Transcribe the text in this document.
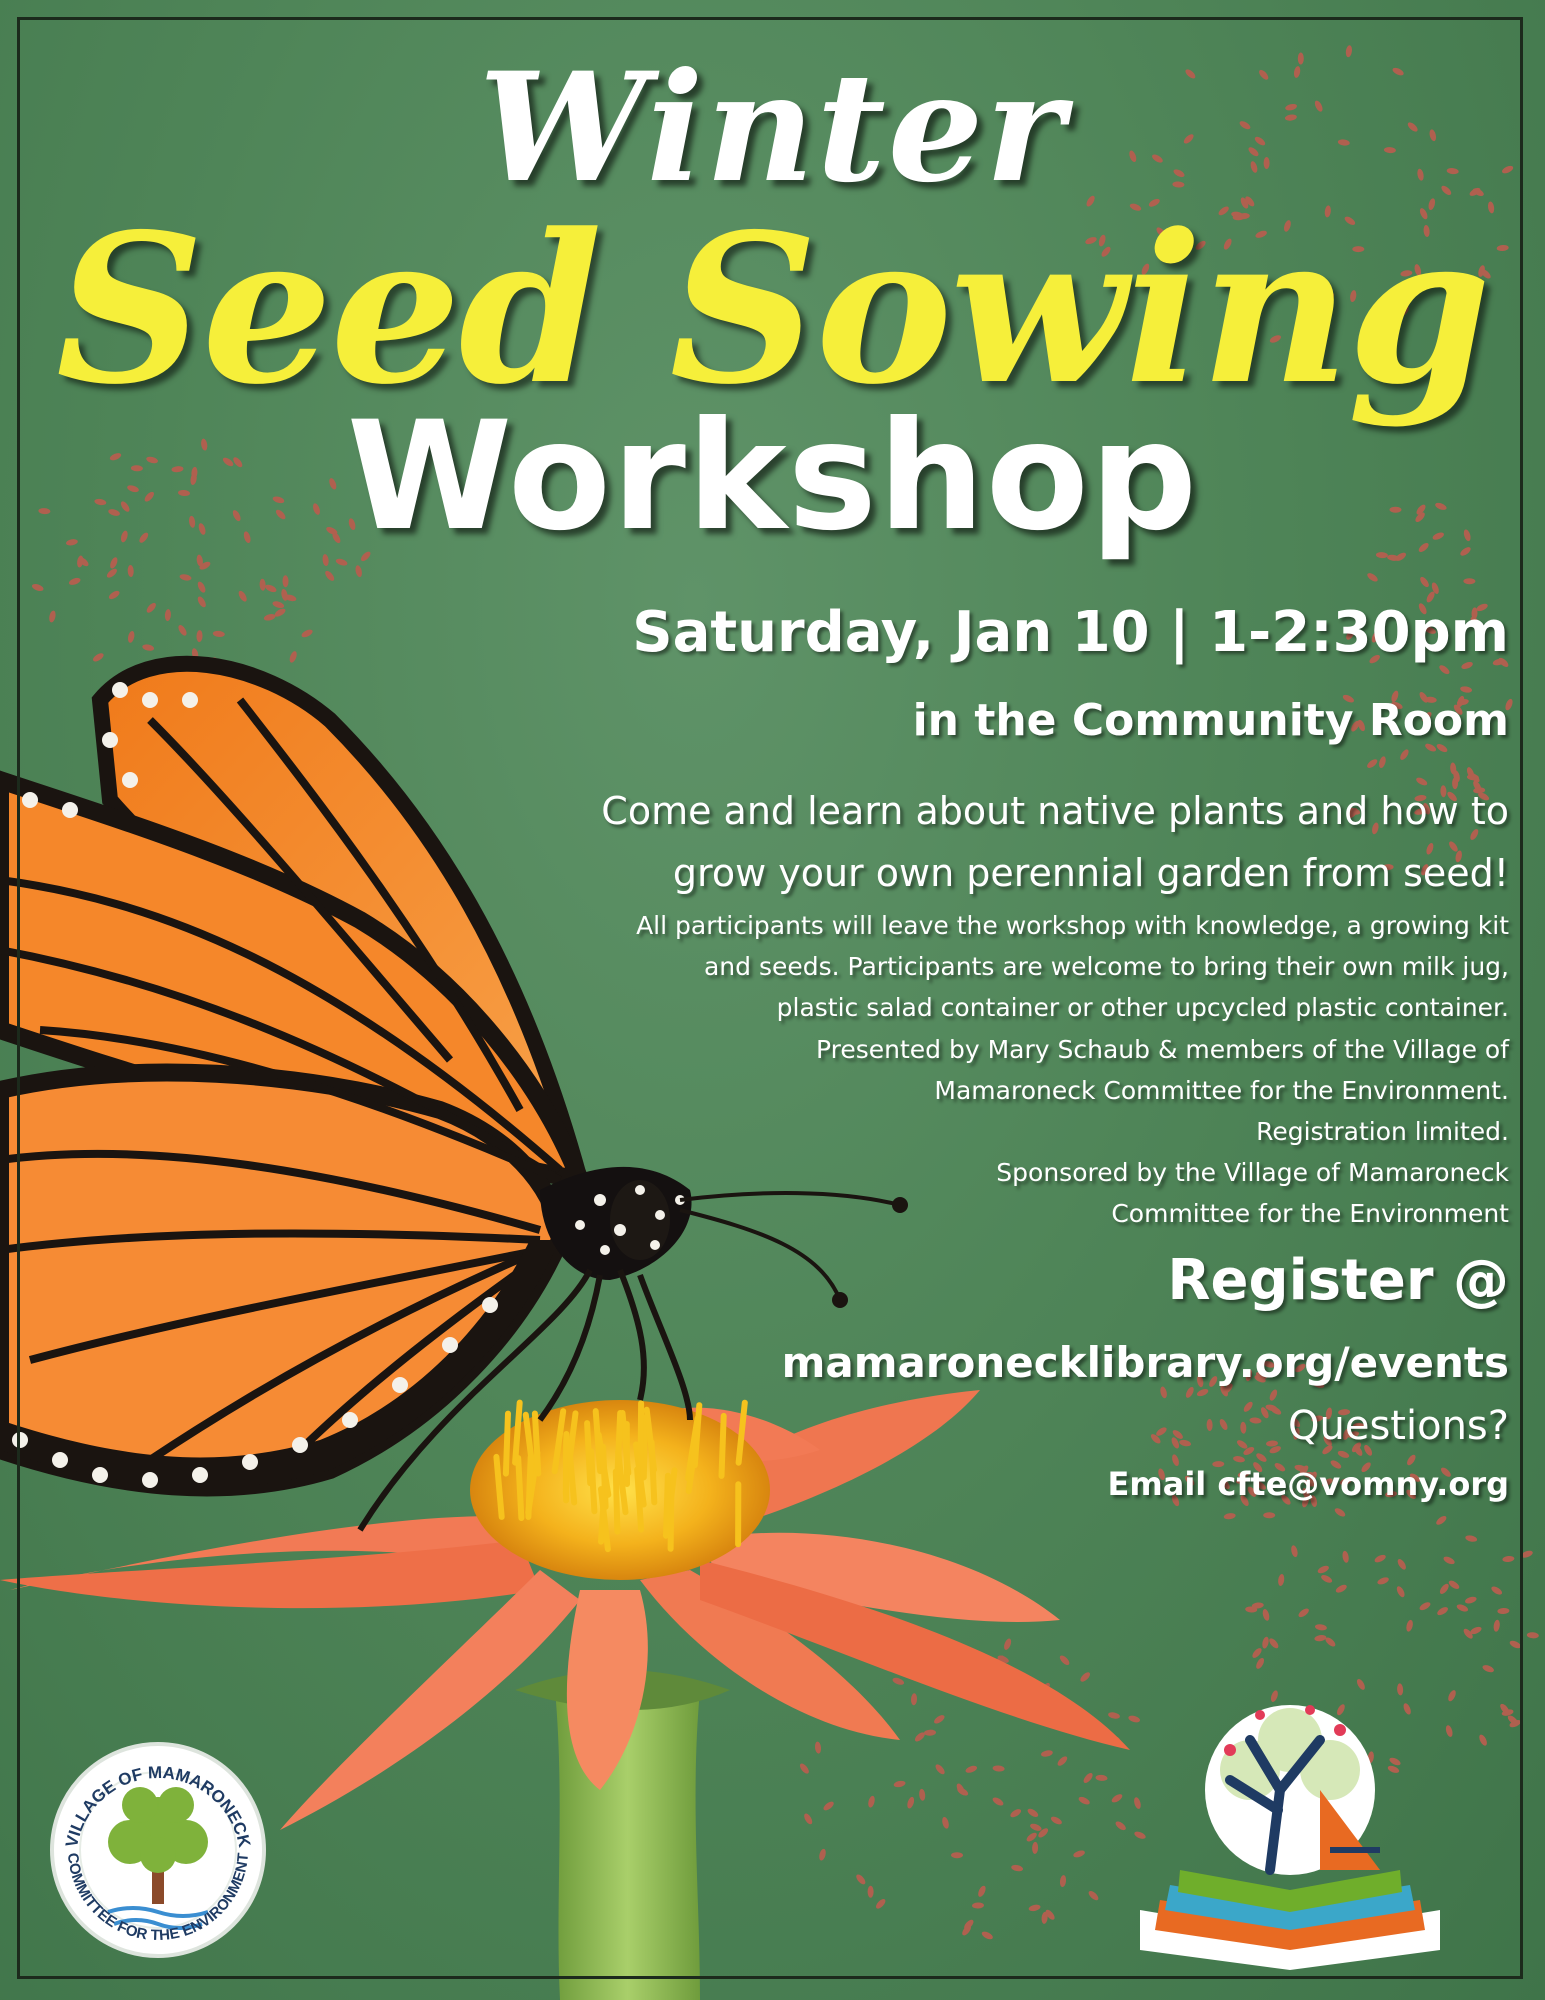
VILLAGE OF MAMARONECK
COMMITTEE FOR THE ENVIRONMENT
Winter
Seed Sowing
Workshop

Saturday, Jan 10 | 1-2:30pm

in the Community Room

Come and learn about native plants and how to
grow your own perennial garden from seed!
All participants will leave the workshop with knowledge, a growing kit
and seeds. Participants are welcome to bring their own milk jug,
plastic salad container or other upcycled plastic container.
Presented by Mary Schaub & members of the Village of
Mamaroneck Committee for the Environment.
Registration limited.
Sponsored by the Village of Mamaroneck
Committee for the Environment

Register @

mamaronecklibrary.org/events

Questions?

Email cfte@vomny.org
